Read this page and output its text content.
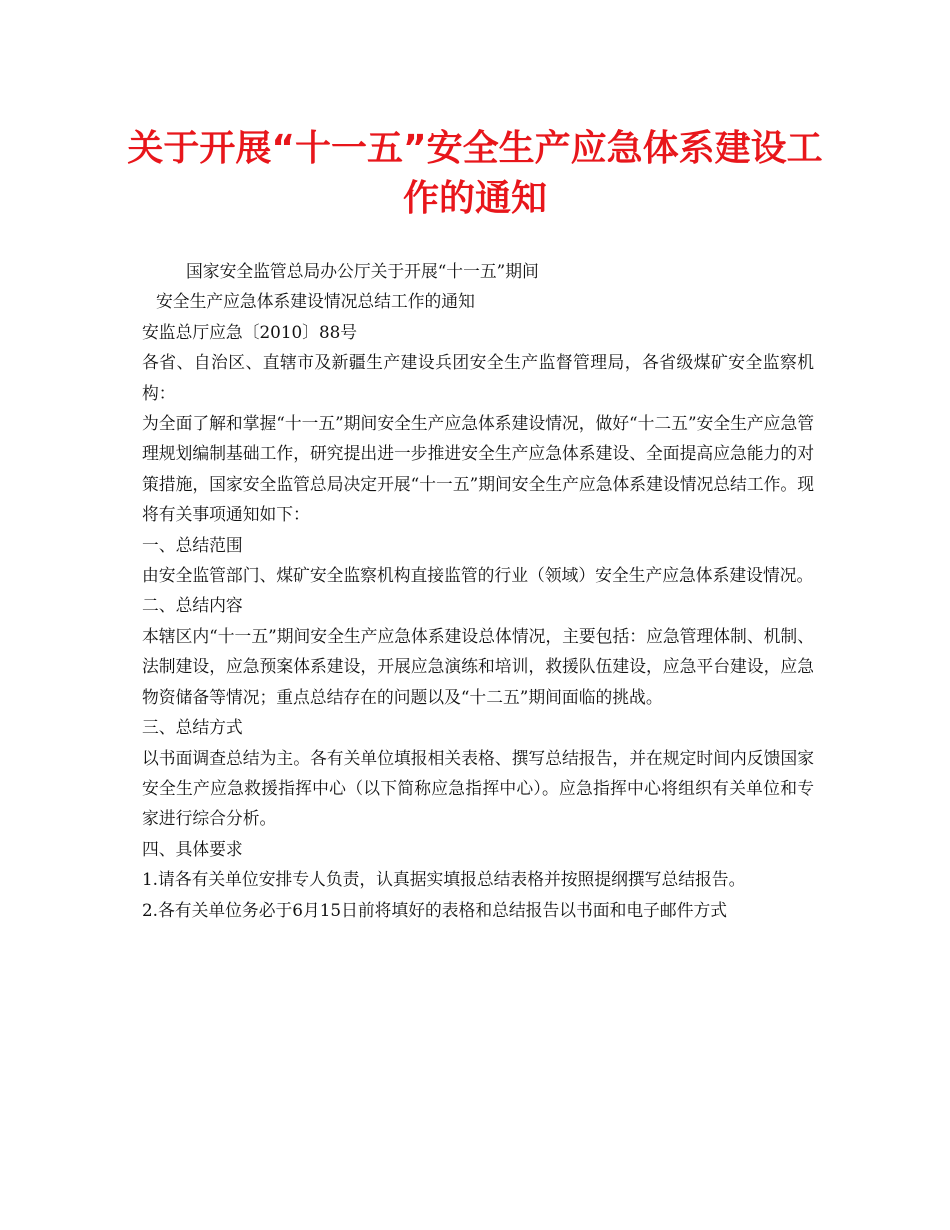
关于开展“十一五”安全生产应急体系建设工作的通知

国家安全监管总局办公厅关于开展“十一五”期间

安全生产应急体系建设情况总结工作的通知

安监总厅应急〔2010〕88号

各省、自治区、直辖市及新疆生产建设兵团安全生产监督管理局，各省级煤矿安全监察机构：

为全面了解和掌握“十一五”期间安全生产应急体系建设情况，做好“十二五”安全生产应急管理规划编制基础工作，研究提出进一步推进安全生产应急体系建设、全面提高应急能力的对策措施，国家安全监管总局决定开展“十一五”期间安全生产应急体系建设情况总结工作。现将有关事项通知如下：

一、总结范围

由安全监管部门、煤矿安全监察机构直接监管的行业（领域）安全生产应急体系建设情况。

二、总结内容

本辖区内“十一五”期间安全生产应急体系建设总体情况，主要包括：应急管理体制、机制、法制建设，应急预案体系建设，开展应急演练和培训，救援队伍建设，应急平台建设，应急物资储备等情况；重点总结存在的问题以及“十二五”期间面临的挑战。

三、总结方式

以书面调查总结为主。各有关单位填报相关表格、撰写总结报告，并在规定时间内反馈国家安全生产应急救援指挥中心（以下简称应急指挥中心）。应急指挥中心将组织有关单位和专家进行综合分析。

四、具体要求

1.请各有关单位安排专人负责，认真据实填报总结表格并按照提纲撰写总结报告。

2.各有关单位务必于6月15日前将填好的表格和总结报告以书面和电子邮件方式
